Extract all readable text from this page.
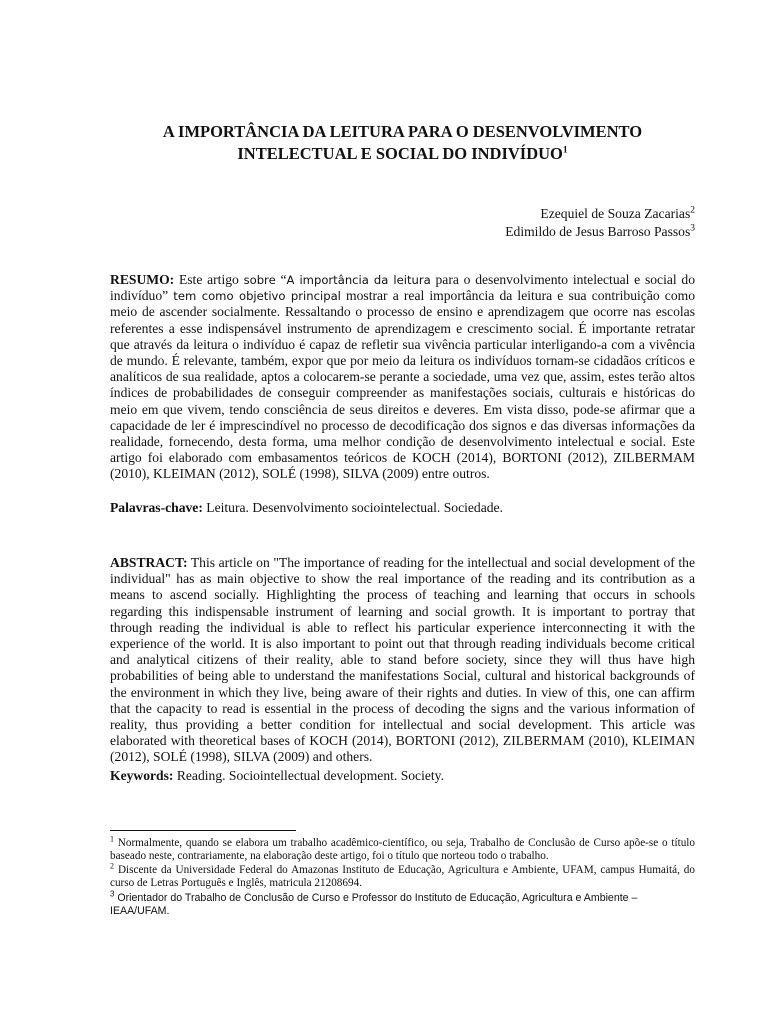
A IMPORTÂNCIA DA LEITURA PARA O DESENVOLVIMENTO
INTELECTUAL E SOCIAL DO INDIVÍDUO$^1$
Ezequiel de Souza Zacarias$^2$
Edimildo de Jesus Barroso Passos$^3$

RESUMO: Este artigo sobre “A importância da leitura para o desenvolvimento intelectual e social do indivíduo” tem como objetivo principal mostrar a real importância da leitura e sua contribuição como meio de ascender socialmente. Ressaltando o processo de ensino e aprendizagem que ocorre nas escolas referentes a esse indispensável instrumento de aprendizagem e crescimento social. É importante retratar que através da leitura o indivíduo é capaz de refletir sua vivência particular interligando-a com a vivência de mundo. É relevante, também, expor que por meio da leitura os indivíduos tornam-se cidadãos críticos e analíticos de sua realidade, aptos a colocarem-se perante a sociedade, uma vez que, assim, estes terão altos índices de probabilidades de conseguir compreender as manifestações sociais, culturais e históricas do meio em que vivem, tendo consciência de seus direitos e deveres. Em vista disso, pode-se afirmar que a capacidade de ler é imprescindível no processo de decodificação dos signos e das diversas informações da realidade, fornecendo, desta forma, uma melhor condição de desenvolvimento intelectual e social. Este artigo foi elaborado com embasamentos teóricos de KOCH (2014), BORTONI (2012), ZILBERMAM (2010), KLEIMAN (2012), SOLÉ (1998), SILVA (2009) entre outros.

Palavras-chave: Leitura. Desenvolvimento sociointelectual. Sociedade.

ABSTRACT: This article on "The importance of reading for the intellectual and social development of the individual" has as main objective to show the real importance of the reading and its contribution as a means to ascend socially. Highlighting the process of teaching and learning that occurs in schools regarding this indispensable instrument of learning and social growth. It is important to portray that through reading the individual is able to reflect his particular experience interconnecting it with the experience of the world. It is also important to point out that through reading individuals become critical and analytical citizens of their reality, able to stand before society, since they will thus have high probabilities of being able to understand the manifestations Social, cultural and historical backgrounds of the environment in which they live, being aware of their rights and duties. In view of this, one can affirm that the capacity to read is essential in the process of decoding the signs and the various information of reality, thus providing a better condition for intellectual and social development. This article was elaborated with theoretical bases of KOCH (2014), BORTONI (2012), ZILBERMAM (2010), KLEIMAN (2012), SOLÉ (1998), SILVA (2009) and others.

Keywords: Reading. Sociointellectual development. Society.

$^1$ Normalmente, quando se elabora um trabalho acadêmico-científico, ou seja, Trabalho de Conclusão de Curso apõe-se o título baseado neste, contrariamente, na elaboração deste artigo, foi o título que norteou todo o trabalho.

$^2$ Discente da Universidade Federal do Amazonas Instituto de Educação, Agricultura e Ambiente, UFAM, campus Humaitá, do curso de Letras Português e Inglês, matricula 21208694.

$^3$ Orientador do Trabalho de Conclusão de Curso e Professor do Instituto de Educação, Agricultura e Ambiente – IEAA/UFAM.
